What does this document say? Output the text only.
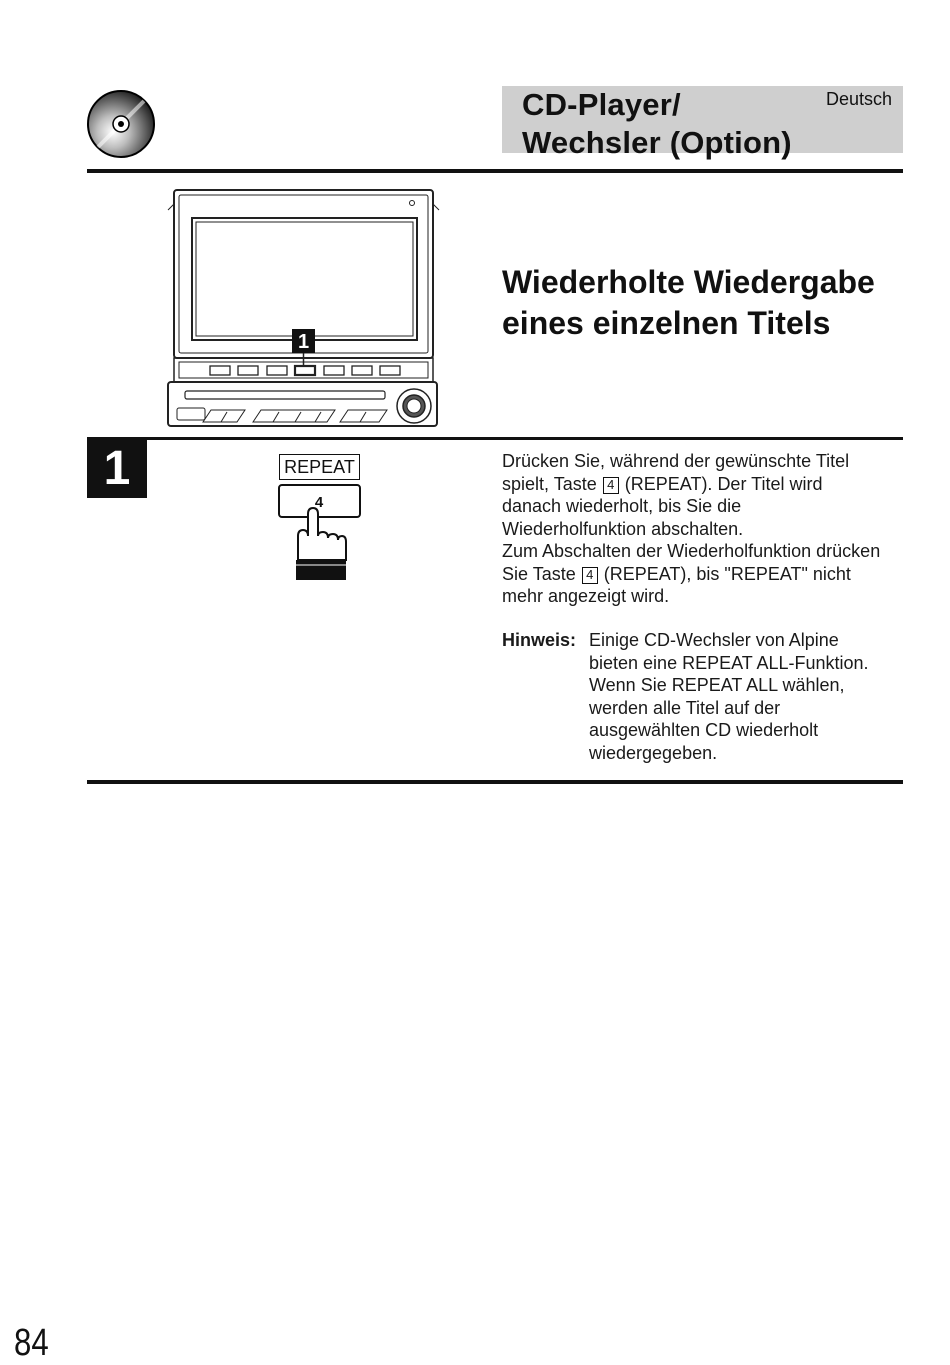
CD-Player/
Wechsler (Option)
Deutsch
1
Wiederholte Wiedergabe
eines einzelnen Titels
1	REPEAT
4

Drücken Sie, während der gewünschte Titel

spielt, Taste 4 (REPEAT). Der Titel wird

danach wiederholt, bis Sie die

Wiederholfunktion abschalten.

Zum Abschalten der Wiederholfunktion drücken

Sie Taste 4 (REPEAT), bis "REPEAT" nicht

mehr angezeigt wird.

Hinweis: Einige CD-Wechsler von Alpine

bieten eine REPEAT ALL-Funktion.

Wenn Sie REPEAT ALL wählen,

werden alle Titel auf der

ausgewählten CD wiederholt

wiedergegeben.

84
